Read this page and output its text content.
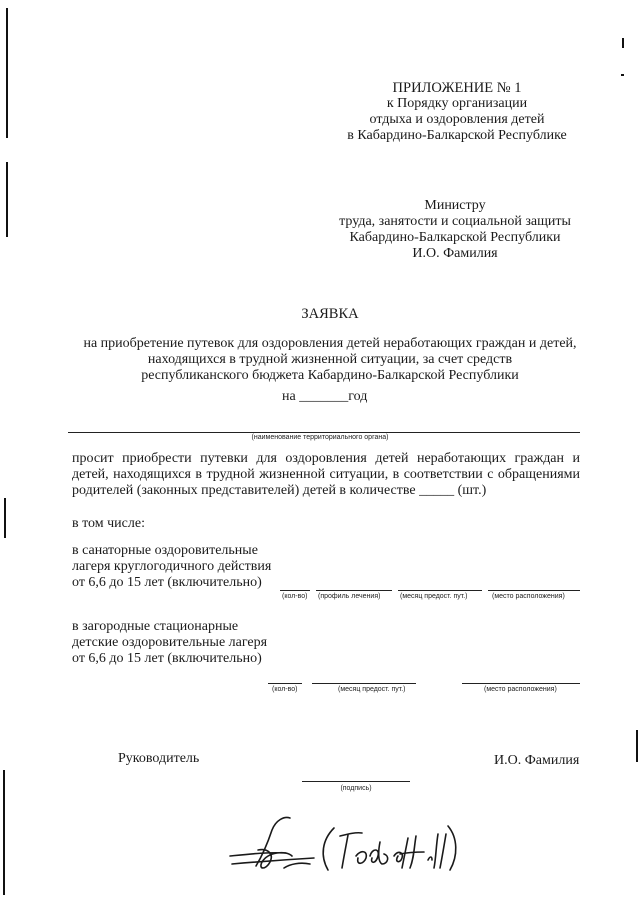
ПРИЛОЖЕНИЕ № 1
к Порядку организации
отдыха и оздоровления детей
в Кабардино-Балкарской Республике
Министру
труда, занятости и социальной защиты
Кабардино-Балкарской Республики
И.О. Фамилия
ЗАЯВКА
на приобретение путевок для оздоровления детей неработающих граждан и детей,
находящихся в трудной жизненной ситуации, за счет средств
республиканского бюджета Кабардино-Балкарской Республики
на _______год
(наименование территориального органа)
просит приобрести путевки для оздоровления детей неработающих граждан и
детей, находящихся в трудной жизненной ситуации, в соответствии с обращениями
родителей (законных представителей) детей в количестве _____ (шт.)
в том числе:
в санаторные оздоровительные
лагеря круглогодичного действия
от 6,6 до 15 лет (включительно)
(кол-во) (профиль лечения)	(месяц предост. пут.)	(место расположения)
в загородные стационарные
детские оздоровительные лагеря
от 6,6 до 15 лет (включительно)
(кол-во)	(месяц предост. пут.)	(место расположения)
Руководитель	И.О. Фамилия
(подпись)
Тебеев Н.И.
